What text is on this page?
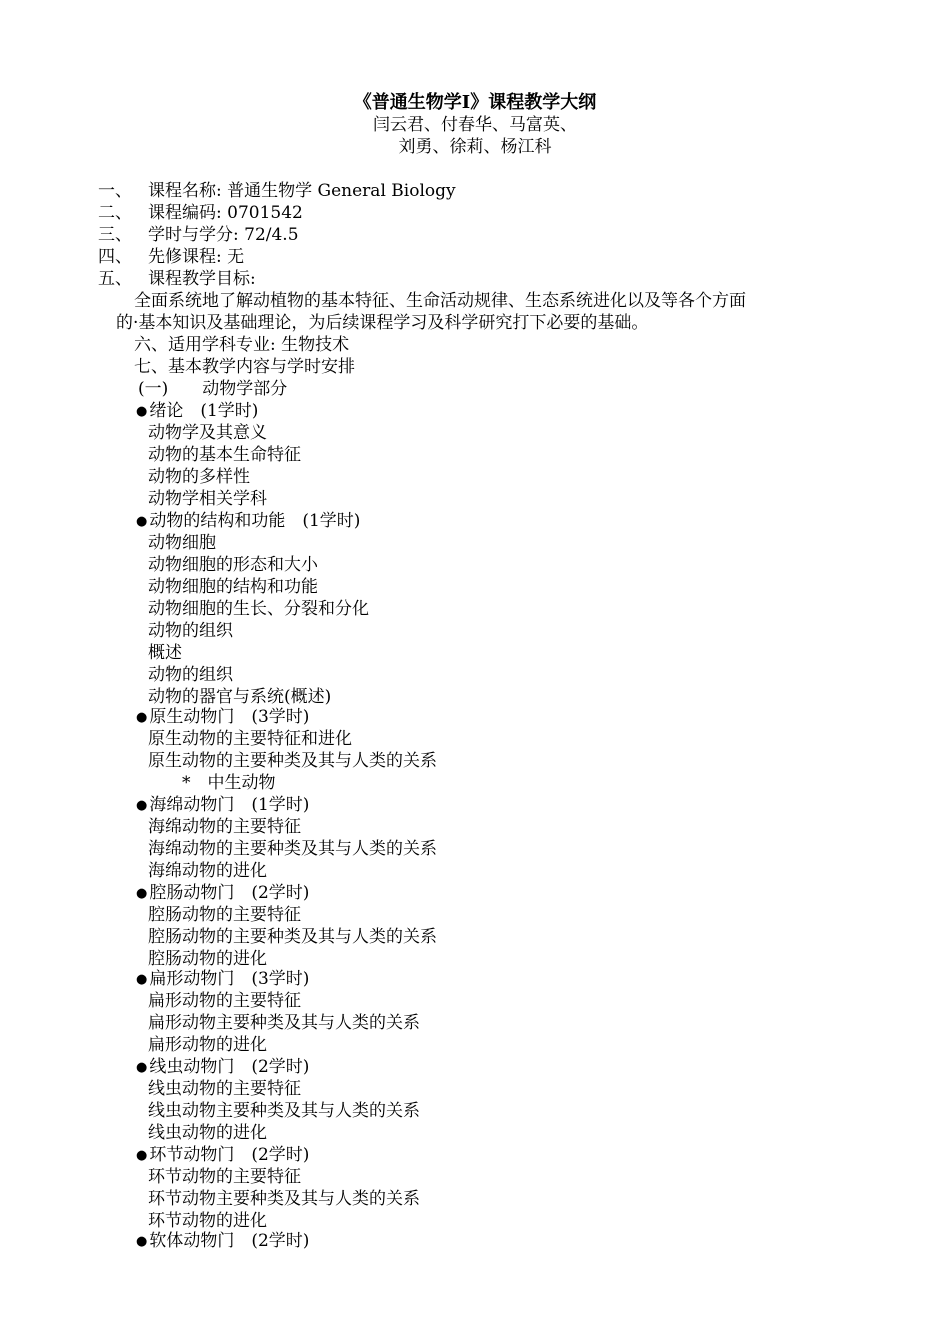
《普通生物学Ⅰ》课程教学大纲
闫云君、付春华、马富英、
刘勇、徐莉、杨江科
一、 课程名称: 普通生物学 General Biology
二、 课程编码: 0701542
三、 学时与学分: 72/4.5
四、 先修课程: 无
五、 课程教学目标:
全面系统地了解动植物的基本特征、生命活动规律、生态系统进化以及等各个方面
的·基本知识及基础理论，为后续课程学习及科学研究打下必要的基础。
六、适用学科专业: 生物技术
七、基本教学内容与学时安排
(一)　　动物学部分
● 绪论　(1学时)
动物学及其意义
动物的基本生命特征
动物的多样性
动物学相关学科
● 动物的结构和功能　(1学时)
动物细胞
动物细胞的形态和大小
动物细胞的结构和功能
动物细胞的生长、分裂和分化
动物的组织
概述
动物的组织
动物的器官与系统(概述)
● 原生动物门　(3学时)
原生动物的主要特征和进化
原生动物的主要种类及其与人类的关系
*　中生动物
● 海绵动物门　(1学时)
海绵动物的主要特征
海绵动物的主要种类及其与人类的关系
海绵动物的进化
● 腔肠动物门　(2学时)
腔肠动物的主要特征
腔肠动物的主要种类及其与人类的关系
腔肠动物的进化
● 扁形动物门　(3学时)
扁形动物的主要特征
扁形动物主要种类及其与人类的关系
扁形动物的进化
● 线虫动物门　(2学时)
线虫动物的主要特征
线虫动物主要种类及其与人类的关系
线虫动物的进化
● 环节动物门　(2学时)
环节动物的主要特征
环节动物主要种类及其与人类的关系
环节动物的进化
● 软体动物门　(2学时)
